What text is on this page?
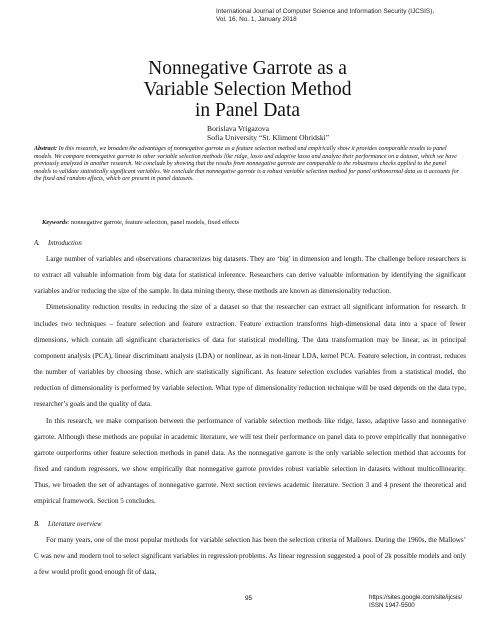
International Journal of Computer Science and Information Security (IJCSIS),
Vol. 16, No. 1, January 2018
Nonnegative Garrote as a
Variable Selection Method
in Panel Data
Borislava Vrigazova
Sofia University “St. Kliment Ohridski”
Abstract: In this research, we broaden the advantages of nonnegative garrote as a feature selection method and empirically show it provides comparable results to panel models. We compare nonnegative garrote to other variable selection methods like ridge, lasso and adaptive lasso and analyze their performance on a dataset, which we have previously analyzed in another research. We conclude by showing that the results from nonnegative garrote are comparable to the robustness checks applied to the panel models to validate statistically significant variables. We conclude that nonnegative garrote is a robust variable selection method for panel orthonormal data as it accounts for the fixed and random effects, which are present in panel datasets.
Keywords: nonnegative garrote, feature selection, panel models, fixed effects
A. Introduction

Large number of variables and observations characterizes big datasets. They are ‘big’ in dimension and length. The challenge before researchers is to extract all valuable information from big data for statistical inference. Researchers can derive valuable information by identifying the significant variables and/or reducing the size of the sample. In data mining theory, these methods are known as dimensionality reduction.

Dimensionality reduction results in reducing the size of a dataset so that the researcher can extract all significant information for research. It includes two techniques – feature selection and feature extraction. Feature extraction transforms high-dimensional data into a space of fewer dimensions, which contain all significant characteristics of data for statistical modelling. The data transformation may be linear, as in principal component analysis (PCA), linear discriminant analysis (LDA) or nonlinear, as in non-linear LDA, kernel PCA. Feature selection, in contrast, reduces the number of variables by choosing those, which are statistically significant. As feature selection excludes variables from a statistical model, the reduction of dimensionality is performed by variable selection. What type of dimensionality reduction technique will be used depends on the data type, researcher’s goals and the quality of data.

In this research, we make comparison between the performance of variable selection methods like ridge, lasso, adaptive lasso and nonnegative garrote. Although these methods are popular in academic literature, we will test their performance on panel data to prove empirically that nonnegative garrote outperforms other feature selection methods in panel data. As the nonnegative garrote is the only variable selection method that accounts for fixed and random regressors, we show empirically that nonnegative garrote provides robust variable selection in datasets without multicollinearity. Thus, we broaden the set of advantages of nonnegative garrote. Next section reviews academic literature. Section 3 and 4 present the theoretical and empirical framework. Section 5 concludes.

B. Literature overview

For many years, one of the most popular methods for variable selection has been the selection criteria of Mallows. During the 1960s, the Mallows’ C was new and modern tool to select significant variables in regression problems. As linear regression suggested a pool of 2k possible models and only a few would profit good enough fit of data,

95	https://sites.google.com/site/ijcsis/
ISSN 1947-5500
